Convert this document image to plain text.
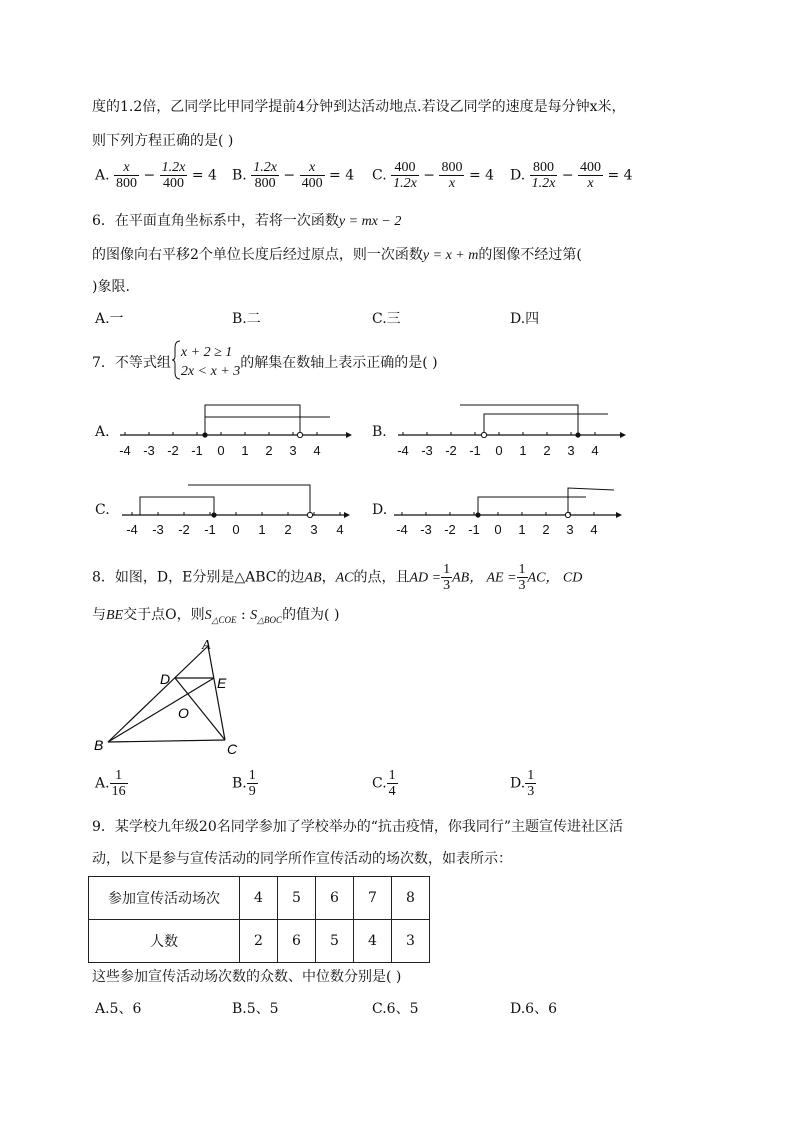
度的1.2倍，乙同学比甲同学提前4分钟到达活动地点.若设乙同学的速度是每分钟x米，
则下列方程正确的是( )
A. $\frac{x}{800} - \frac{1.2x}{400} = 4$ B. $\frac{1.2x}{800} - \frac{x}{400} = 4$ C. $\frac{400}{1.2x} - \frac{800}{x} = 4$ D. $\frac{800}{1.2x} - \frac{400}{x} = 4$
6．在平面直角坐标系中，若将一次函数y = mx − 2
的图像向右平移2个单位长度后经过原点，则一次函数y = x + m的图像不经过第(
)象限.
A.一	B.二	C.三	D.四
7．不等式组
x + 2 ≥ 1
2x < x + 3
的解集在数轴上表示正确的是( )
A.	B.
C.	D.
-4 -3 -2 -1	0	1	2	3	4	-4 -3 -2 -1	0	1	2	3	4
-4 -3 -2 -1	0	1	2	3	4	-4 -3 -2 -1	0	1	2	3	4
8．如图，D，E分别是△ABC的边AB，AC的点，且AD = $\frac{1}{3}$ AB， AE = $\frac{1}{3}$ AC， CD
与BE交于点O，则$S_{\triangle COE}$ : $S_{\triangle BOC}$的值为( )
A
B	C
D	E
O
A. $\frac{1}{16}$	B. $\frac{1}{9}$	C. $\frac{1}{4}$	D. $\frac{1}{3}$
9．某学校九年级20名同学参加了学校举办的“抗击疫情，你我同行”主题宣传进社区活
动，以下是参与宣传活动的同学所作宣传活动的场次数，如表所示：
参加宣传活动场次	4	5	6	7	8
人数	2	6	5	4	3
这些参加宣传活动场次数的众数、中位数分别是( )
A.5、6	B.5、5	C.6、5	D.6、6
